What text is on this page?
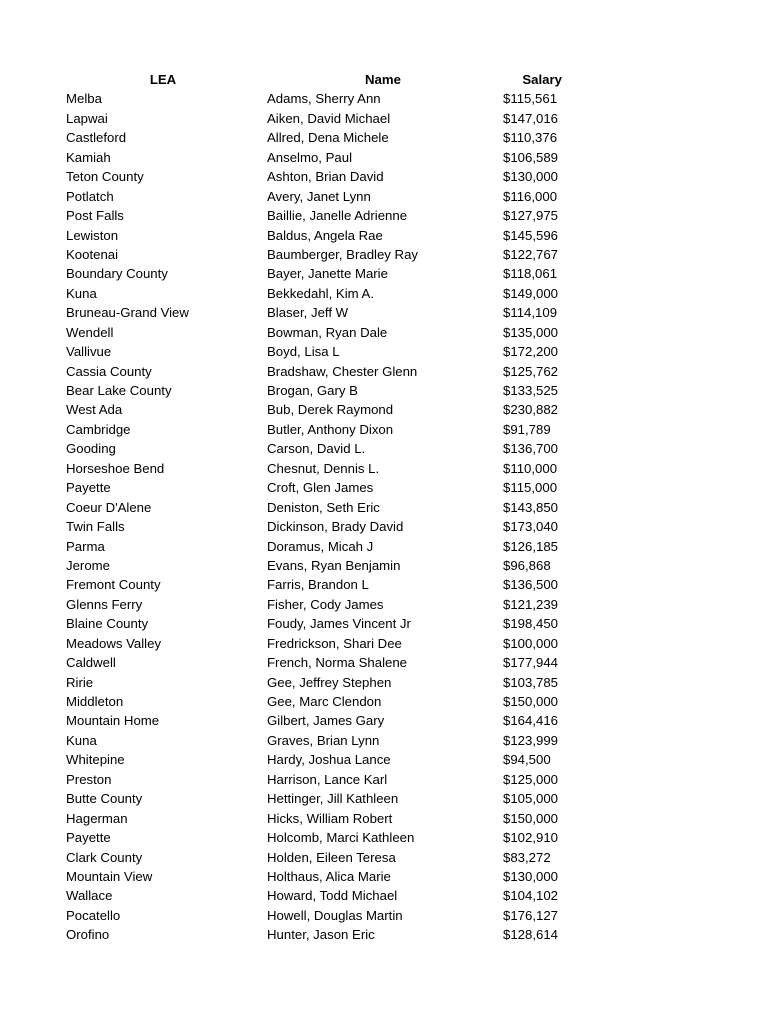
LEA	Name	Salary
Melba	Adams, Sherry Ann	$115,561
Lapwai	Aiken, David Michael	$147,016
Castleford	Allred, Dena Michele	$110,376
Kamiah	Anselmo, Paul	$106,589
Teton County	Ashton, Brian David	$130,000
Potlatch	Avery, Janet Lynn	$116,000
Post Falls	Baillie, Janelle Adrienne	$127,975
Lewiston	Baldus, Angela Rae	$145,596
Kootenai	Baumberger, Bradley Ray	$122,767
Boundary County	Bayer, Janette Marie	$118,061
Kuna	Bekkedahl, Kim A.	$149,000
Bruneau-Grand View	Blaser, Jeff W	$114,109
Wendell	Bowman, Ryan Dale	$135,000
Vallivue	Boyd, Lisa L	$172,200
Cassia County	Bradshaw, Chester Glenn	$125,762
Bear Lake County	Brogan, Gary B	$133,525
West Ada	Bub, Derek Raymond	$230,882
Cambridge	Butler, Anthony Dixon	$91,789
Gooding	Carson, David L.	$136,700
Horseshoe Bend	Chesnut, Dennis L.	$110,000
Payette	Croft, Glen James	$115,000
Coeur D'Alene	Deniston, Seth Eric	$143,850
Twin Falls	Dickinson, Brady David	$173,040
Parma	Doramus, Micah J	$126,185
Jerome	Evans, Ryan Benjamin	$96,868
Fremont County	Farris, Brandon L	$136,500
Glenns Ferry	Fisher, Cody James	$121,239
Blaine County	Foudy, James Vincent Jr	$198,450
Meadows Valley	Fredrickson, Shari Dee	$100,000
Caldwell	French, Norma Shalene	$177,944
Ririe	Gee, Jeffrey Stephen	$103,785
Middleton	Gee, Marc Clendon	$150,000
Mountain Home	Gilbert, James Gary	$164,416
Kuna	Graves, Brian Lynn	$123,999
Whitepine	Hardy, Joshua Lance	$94,500
Preston	Harrison, Lance Karl	$125,000
Butte County	Hettinger, Jill Kathleen	$105,000
Hagerman	Hicks, William Robert	$150,000
Payette	Holcomb, Marci Kathleen	$102,910
Clark County	Holden, Eileen Teresa	$83,272
Mountain View	Holthaus, Alica Marie	$130,000
Wallace	Howard, Todd Michael	$104,102
Pocatello	Howell, Douglas Martin	$176,127
Orofino	Hunter, Jason Eric	$128,614
